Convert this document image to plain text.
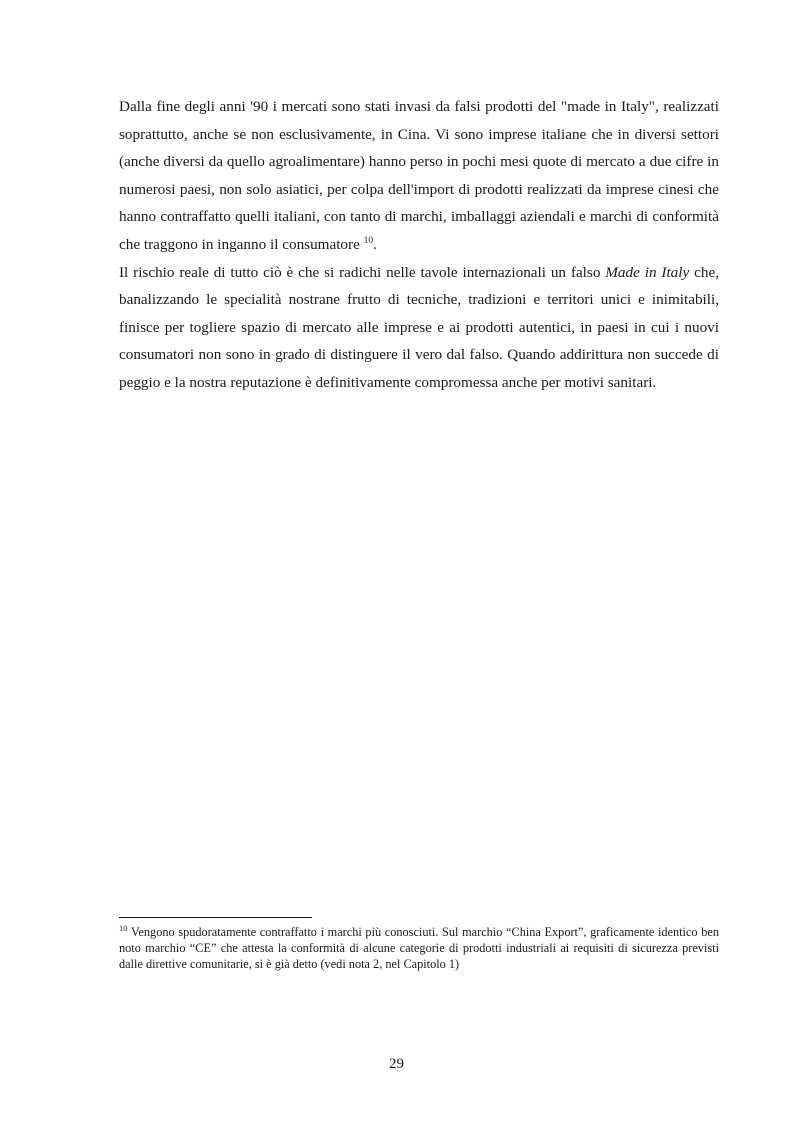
Dalla fine degli anni '90 i mercati sono stati invasi da falsi prodotti del "made in Italy", realizzati soprattutto, anche se non esclusivamente, in Cina. Vi sono imprese italiane che in diversi settori (anche diversi da quello agroalimentare) hanno perso in pochi mesi quote di mercato a due cifre in numerosi paesi, non solo asiatici, per colpa dell'import di prodotti realizzati da imprese cinesi che hanno contraffatto quelli italiani, con tanto di marchi, imballaggi aziendali e marchi di conformità che traggono in inganno il consumatore $^{10}$.

Il rischio reale di tutto ciò è che si radichi nelle tavole internazionali un falso Made in Italy che, banalizzando le specialità nostrane frutto di tecniche, tradizioni e territori unici e inimitabili, finisce per togliere spazio di mercato alle imprese e ai prodotti autentici, in paesi in cui i nuovi consumatori non sono in grado di distinguere il vero dal falso. Quando addirittura non succede di peggio e la nostra reputazione è definitivamente compromessa anche per motivi sanitari.

$^{10}$ Vengono spudoratamente contraffatto i marchi più conosciuti. Sul marchio “China Export”, graficamente identico ben noto marchio “CE” che attesta la conformità di alcune categorie di prodotti industriali ai requisiti di sicurezza previsti dalle direttive comunitarie, si è già detto (vedi nota 2, nel Capitolo 1)

29
